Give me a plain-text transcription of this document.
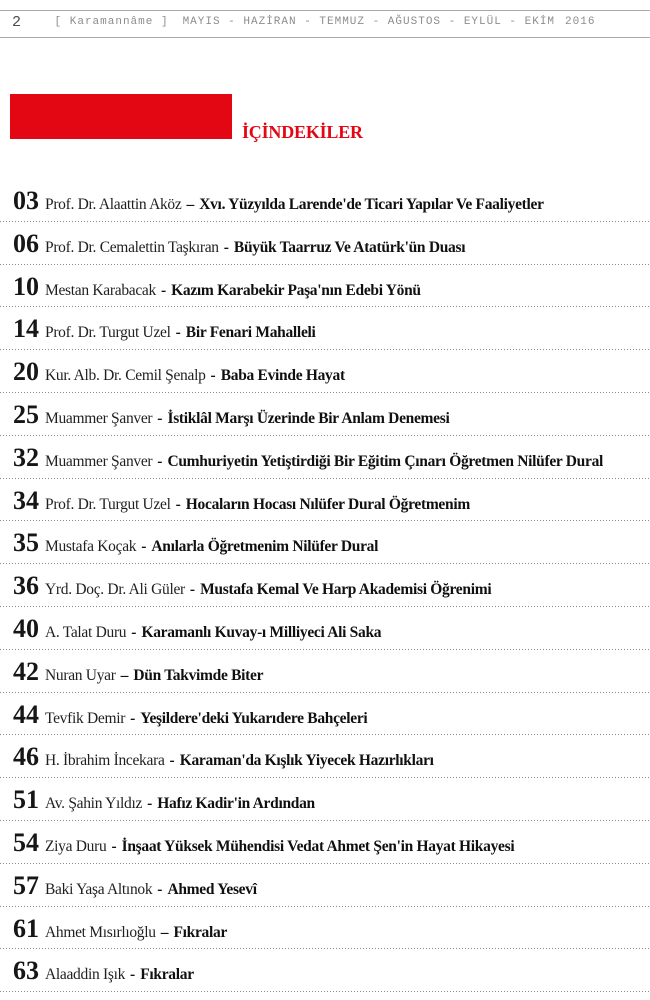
2	[ Karamannâme ] MAYIS - HAZİRAN - TEMMUZ - AĞUSTOS - EYLÜL - EKİM 2016
İÇİNDEKİLER
03 Prof. Dr. Alaattin Aköz – Xvı. Yüzyılda Larende'de Ticari Yapılar Ve Faaliyetler
06 Prof. Dr. Cemalettin Taşkıran - Büyük Taarruz Ve Atatürk'ün Duası
10 Mestan Karabacak - Kazım Karabekir Paşa'nın Edebi Yönü
14 Prof. Dr. Turgut Uzel - Bir Fenari Mahalleli
20 Kur. Alb. Dr. Cemil Şenalp - Baba Evinde Hayat
25 Muammer Şanver - İstiklâl Marşı Üzerinde Bir Anlam Denemesi
32 Muammer Şanver - Cumhuriyetin Yetiştirdiği Bir Eğitim Çınarı Öğretmen Nilüfer Dural
34 Prof. Dr. Turgut Uzel - Hocaların Hocası Nılüfer Dural Öğretmenim
35 Mustafa Koçak - Anılarla Öğretmenim Nilüfer Dural
36 Yrd. Doç. Dr. Ali Güler - Mustafa Kemal Ve Harp Akademisi Öğrenimi
40 A. Talat Duru - Karamanlı Kuvay-ı Milliyeci Ali Saka
42 Nuran Uyar – Dün Takvimde Biter
44 Tevfik Demir - Yeşildere'deki Yukarıdere Bahçeleri
46 H. İbrahim İncekara - Karaman'da Kışlık Yiyecek Hazırlıkları
51 Av. Şahin Yıldız - Hafız Kadir'in Ardından
54 Ziya Duru - İnşaat Yüksek Mühendisi Vedat Ahmet Şen'in Hayat Hikayesi
57 Baki Yaşa Altınok - Ahmed Yesevî
61 Ahmet Mısırlıoğlu – Fıkralar
63 Alaaddin Işık - Fıkralar
